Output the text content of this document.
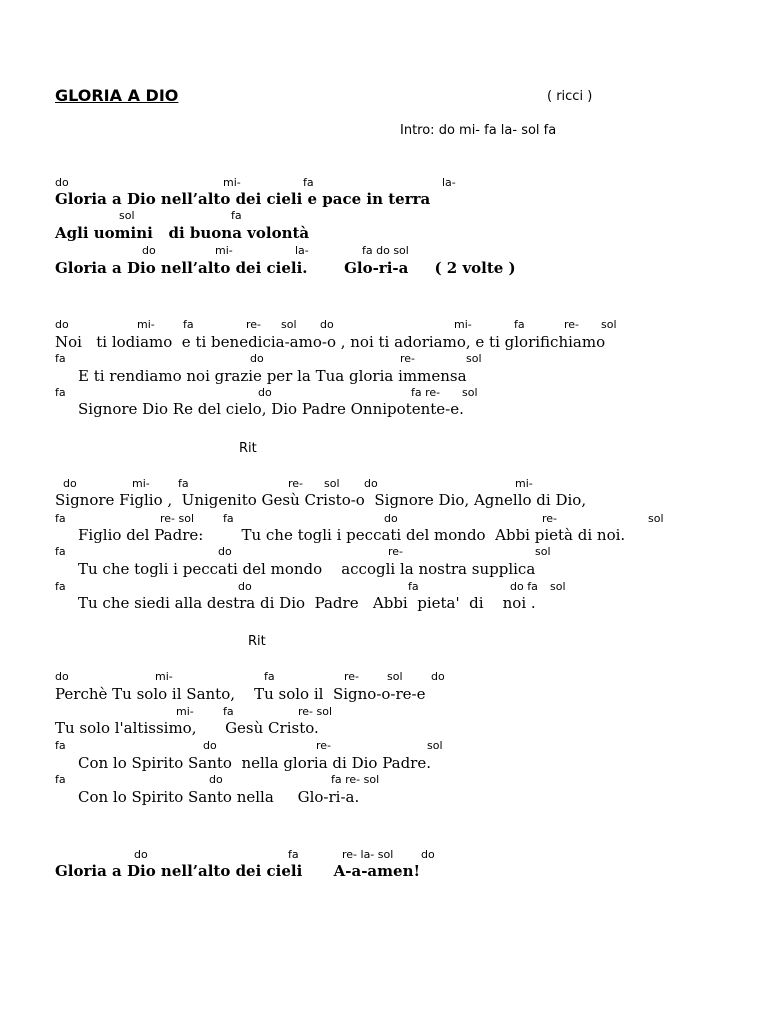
GLORIA A DIO	( ricci )
Intro: do mi- fa la- sol fa
do	mi-	fa	la-
Gloria a Dio nell’alto dei cieli e pace in terra
sol	fa
Agli uomini   di buona volontà
do	mi-	la-	fa do sol
Gloria a Dio nell’alto dei cieli.       Glo-ri-a     ( 2 volte )
do	mi-	fa	re- sol do	mi-	fa	re- sol
Noi   ti lodiamo  e ti benedicia-amo-o , noi ti adoriamo, e ti glorifichiamo
fa	do	re-	sol
E ti rendiamo noi grazie per la Tua gloria immensa
fa	do	fa re- sol
Signore Dio Re del cielo, Dio Padre Onnipotente-e.
Rit
do	mi-	fa	re- sol do	mi-
Signore Figlio ,  Unigenito Gesù Cristo-o  Signore Dio, Agnello di Dio,
fa	re- sol	fa	do	re-	sol
Figlio del Padre:        Tu che togli i peccati del mondo  Abbi pietà di noi.
fa	do	re-	sol
Tu che togli i peccati del mondo    accogli la nostra supplica
fa	do	fa	do fa sol
Tu che siedi alla destra di Dio  Padre   Abbi  pieta'  di    noi .
Rit
do	mi-	fa	re-	sol	do
Perchè Tu solo il Santo,    Tu solo il  Signo-o-re-e
mi-	fa	re- sol
Tu solo l'altissimo,      Gesù Cristo.
fa	do	re-	sol
Con lo Spirito Santo  nella gloria di Dio Padre.
fa	do	fa re- sol
Con lo Spirito Santo nella     Glo-ri-a.
do	fa	re- la- sol	do
Gloria a Dio nell’alto dei cieli      A-a-amen!
